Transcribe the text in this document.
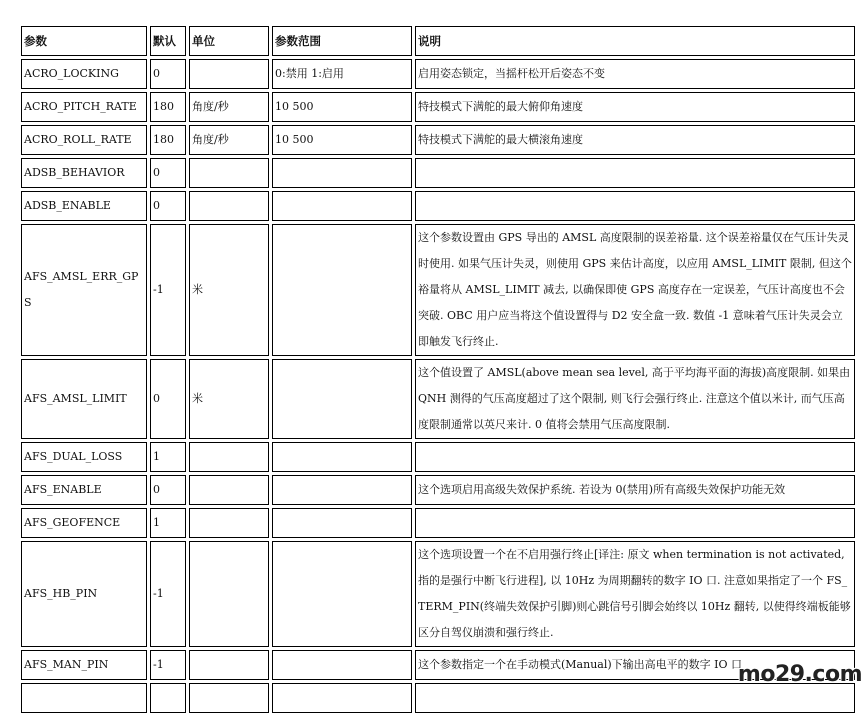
参数	默认	单位	参数范围	说明
ACRO_LOCKING	0		0:禁用 1:启用	启用姿态锁定，当摇杆松开后姿态不变
ACRO_PITCH_RATE	180	角度/秒	10 500	特技模式下满舵的最大俯仰角速度
ACRO_ROLL_RATE	180	角度/秒	10 500	特技模式下满舵的最大横滚角速度
ADSB_BEHAVIOR	0			
ADSB_ENABLE	0			
AFS_AMSL_ERR_GPS	-1	米		这个参数设置由 GPS 导出的 AMSL 高度限制的误差裕量. 这个误差裕量仅在气压计失灵时使用. 如果气压计失灵，则使用 GPS 来估计高度，以应用 AMSL_LIMIT 限制, 但这个裕量将从 AMSL_LIMIT 减去, 以确保即使 GPS 高度存在一定误差，气压计高度也不会突破. OBC 用户应当将这个值设置得与 D2 安全盒一致. 数值 -1 意味着气压计失灵会立即触发飞行终止.
AFS_AMSL_LIMIT	0	米		这个值设置了 AMSL(above mean sea level, 高于平均海平面的海拔)高度限制. 如果由 QNH 测得的气压高度超过了这个限制, 则飞行会强行终止. 注意这个值以米计, 而气压高度限制通常以英尺来计. 0 值将会禁用气压高度限制.
AFS_DUAL_LOSS	1			
AFS_ENABLE	0			这个选项启用高级失效保护系统. 若设为 0(禁用)所有高级失效保护功能无效
AFS_GEOFENCE	1			
AFS_HB_PIN	-1			这个选项设置一个在不启用强行终止[译注: 原文 when termination is not activated,指的是强行中断飞行进程], 以 10Hz 为周期翻转的数字 IO 口. 注意如果指定了一个 FS_TERM_PIN(终端失效保护引脚)则心跳信号引脚会始终以 10Hz 翻转, 以使得终端板能够区分自驾仪崩溃和强行终止.
AFS_MAN_PIN	-1			这个参数指定一个在手动模式(Manual)下输出高电平的数字 IO 口

mo29.com
